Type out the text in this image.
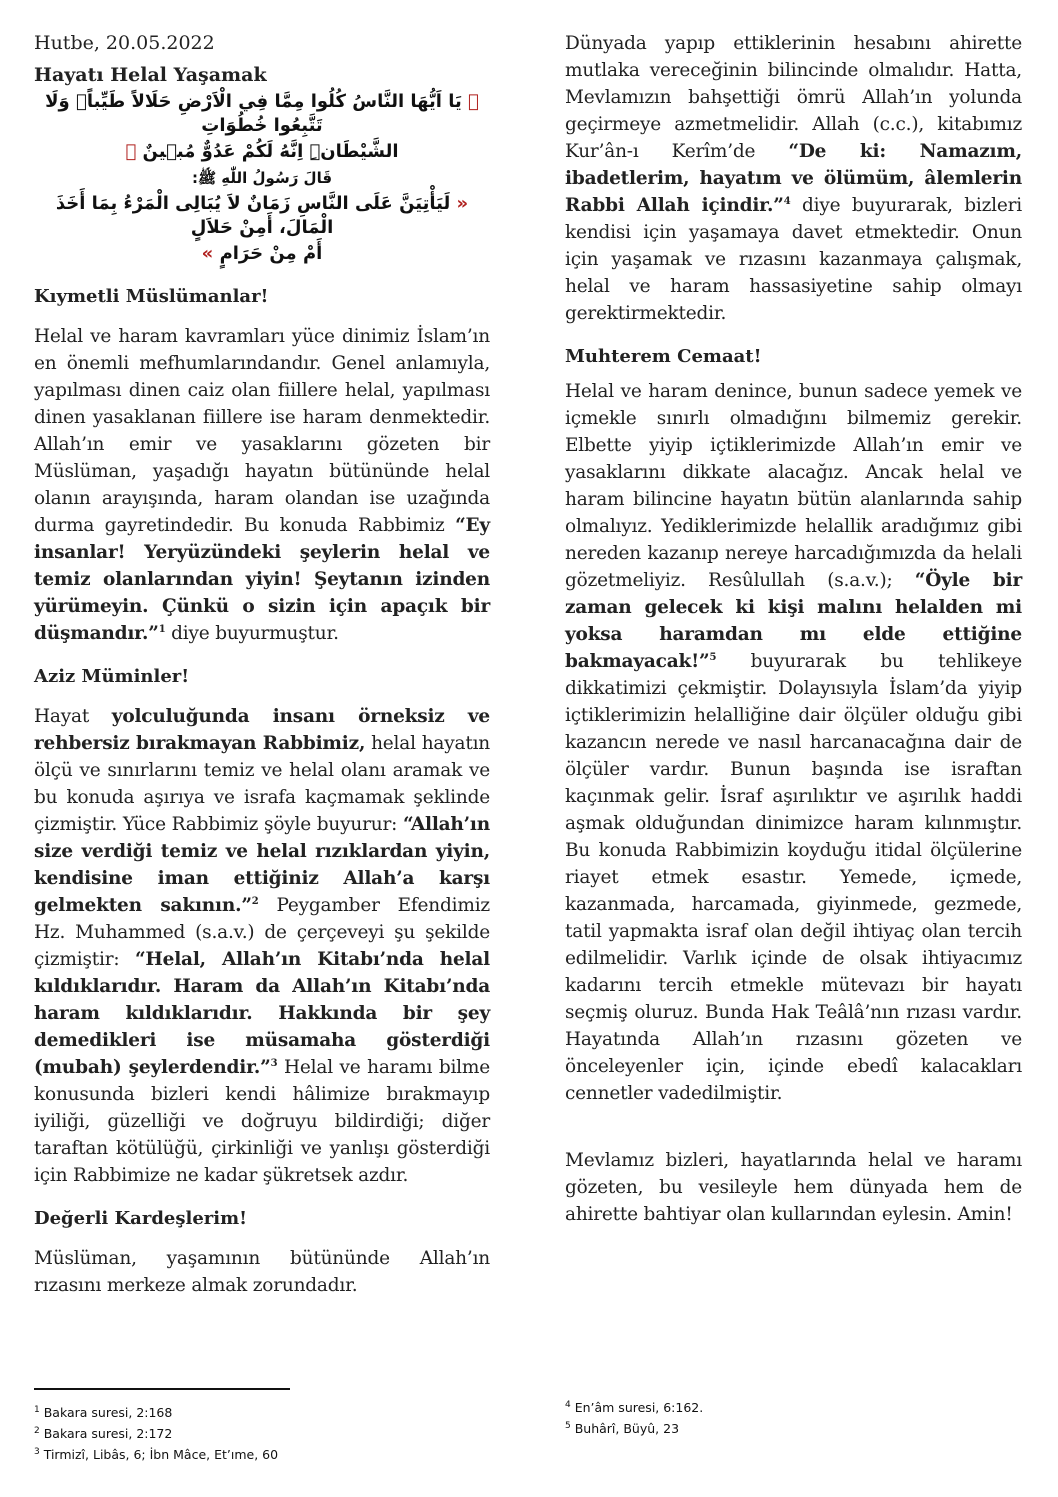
Hutbe, 20.05.2022

Hayatı Helal Yaşamak

﴿ يَا اَيُّهَا النَّاسُ كُلُوا مِمَّا فِي الْاَرْضِ حَلَالاً طَيِّباًۘ وَلَا تَتَّبِعُوا خُطُوَاتِ
الشَّيْطَانِۜ اِنَّهُ لَكُمْ عَدُوٌّ مُب۪ينٌ ﴾
قَالَ رَسُولُ اللّٰهِ ﷺ:
« لَيَأْتِيَنَّ عَلَى النَّاسِ زَمَانٌ لاَ يُبَالِى الْمَرْءُ بِمَا أَخَذَ الْمَالَ، أَمِنْ حَلاَلٍ
أَمْ مِنْ حَرَامٍ »

Kıymetli Müslümanlar!

Helal ve haram kavramları yüce dinimiz İslam’ın en önemli mefhumlarındandır. Genel anlamıyla, yapılması dinen caiz olan fiillere helal, yapılması dinen yasaklanan fiillere ise haram denmektedir. Allah’ın emir ve yasaklarını gözeten bir Müslüman, yaşadığı hayatın bütününde helal olanın arayışında, haram olandan ise uzağında durma gayretindedir. Bu konuda Rabbimiz “Ey insanlar! Yeryüzündeki şeylerin helal ve temiz olanlarından yiyin! Şeytanın izinden yürümeyin. Çünkü o sizin için apaçık bir düşmandır.”$^1$ diye buyurmuştur.

Aziz Müminler!

Hayat yolculuğunda insanı örneksiz ve rehbersiz bırakmayan Rabbimiz, helal hayatın ölçü ve sınırlarını temiz ve helal olanı aramak ve bu konuda aşırıya ve israfa kaçmamak şeklinde çizmiştir. Yüce Rabbimiz şöyle buyurur: “Allah’ın size verdiği temiz ve helal rızıklardan yiyin, kendisine iman ettiğiniz Allah’a karşı gelmekten sakının.”$^2$ Peygamber Efendimiz Hz. Muhammed (s.a.v.) de çerçeveyi şu şekilde çizmiştir: “Helal, Allah’ın Kitabı’nda helal kıldıklarıdır. Haram da Allah’ın Kitabı’nda haram kıldıklarıdır. Hakkında bir şey demedikleri ise müsamaha gösterdiği (mubah) şeylerdendir.”$^3$ Helal ve haramı bilme konusunda bizleri kendi hâlimize bırakmayıp iyiliği, güzelliği ve doğruyu bildirdiği; diğer taraftan kötülüğü, çirkinliği ve yanlışı gösterdiği için Rabbimize ne kadar şükretsek azdır.

Değerli Kardeşlerim!

Müslüman, yaşamının bütününde Allah’ın rızasını merkeze almak zorundadır.

Dünyada yapıp ettiklerinin hesabını ahirette mutlaka vereceğinin bilincinde olmalıdır. Hatta, Mevlamızın bahşettiği ömrü Allah’ın yolunda geçirmeye azmetmelidir. Allah (c.c.), kitabımız Kur’ân-ı Kerîm’de “De ki: Namazım, ibadetlerim, hayatım ve ölümüm, âlemlerin Rabbi Allah içindir.”$^4$ diye buyurarak, bizleri kendisi için yaşamaya davet etmektedir. Onun için yaşamak ve rızasını kazanmaya çalışmak, helal ve haram hassasiyetine sahip olmayı gerektirmektedir.

Muhterem Cemaat!

Helal ve haram denince, bunun sadece yemek ve içmekle sınırlı olmadığını bilmemiz gerekir. Elbette yiyip içtiklerimizde Allah’ın emir ve yasaklarını dikkate alacağız. Ancak helal ve haram bilincine hayatın bütün alanlarında sahip olmalıyız. Yediklerimizde helallik aradığımız gibi nereden kazanıp nereye harcadığımızda da helali gözetmeliyiz. Resûlullah (s.a.v.); “Öyle bir zaman gelecek ki kişi malını helalden mi yoksa haramdan mı elde ettiğine bakmayacak!”$^5$ buyurarak bu tehlikeye dikkatimizi çekmiştir. Dolayısıyla İslam’da yiyip içtiklerimizin helalliğine dair ölçüler olduğu gibi kazancın nerede ve nasıl harcanacağına dair de ölçüler vardır. Bunun başında ise israftan kaçınmak gelir. İsraf aşırılıktır ve aşırılık haddi aşmak olduğundan dinimizce haram kılınmıştır. Bu konuda Rabbimizin koyduğu itidal ölçülerine riayet etmek esastır. Yemede, içmede, kazanmada, harcamada, giyinmede, gezmede, tatil yapmakta israf olan değil ihtiyaç olan tercih edilmelidir. Varlık içinde de olsak ihtiyacımız kadarını tercih etmekle mütevazı bir hayatı seçmiş oluruz. Bunda Hak Teâlâ’nın rızası vardır. Hayatında Allah’ın rızasını gözeten ve önceleyenler için, içinde ebedî kalacakları cennetler vadedilmiştir.

Mevlamız bizleri, hayatlarında helal ve haramı gözeten, bu vesileyle hem dünyada hem de ahirette bahtiyar olan kullarından eylesin. Amin!

$^1$ Bakara suresi, 2:168
$^2$ Bakara suresi, 2:172
$^3$ Tirmizî, Libâs, 6; İbn Mâce, Et’ıme, 60
$^4$ En’âm suresi, 6:162.
$^5$ Buhârî, Büyû, 23
